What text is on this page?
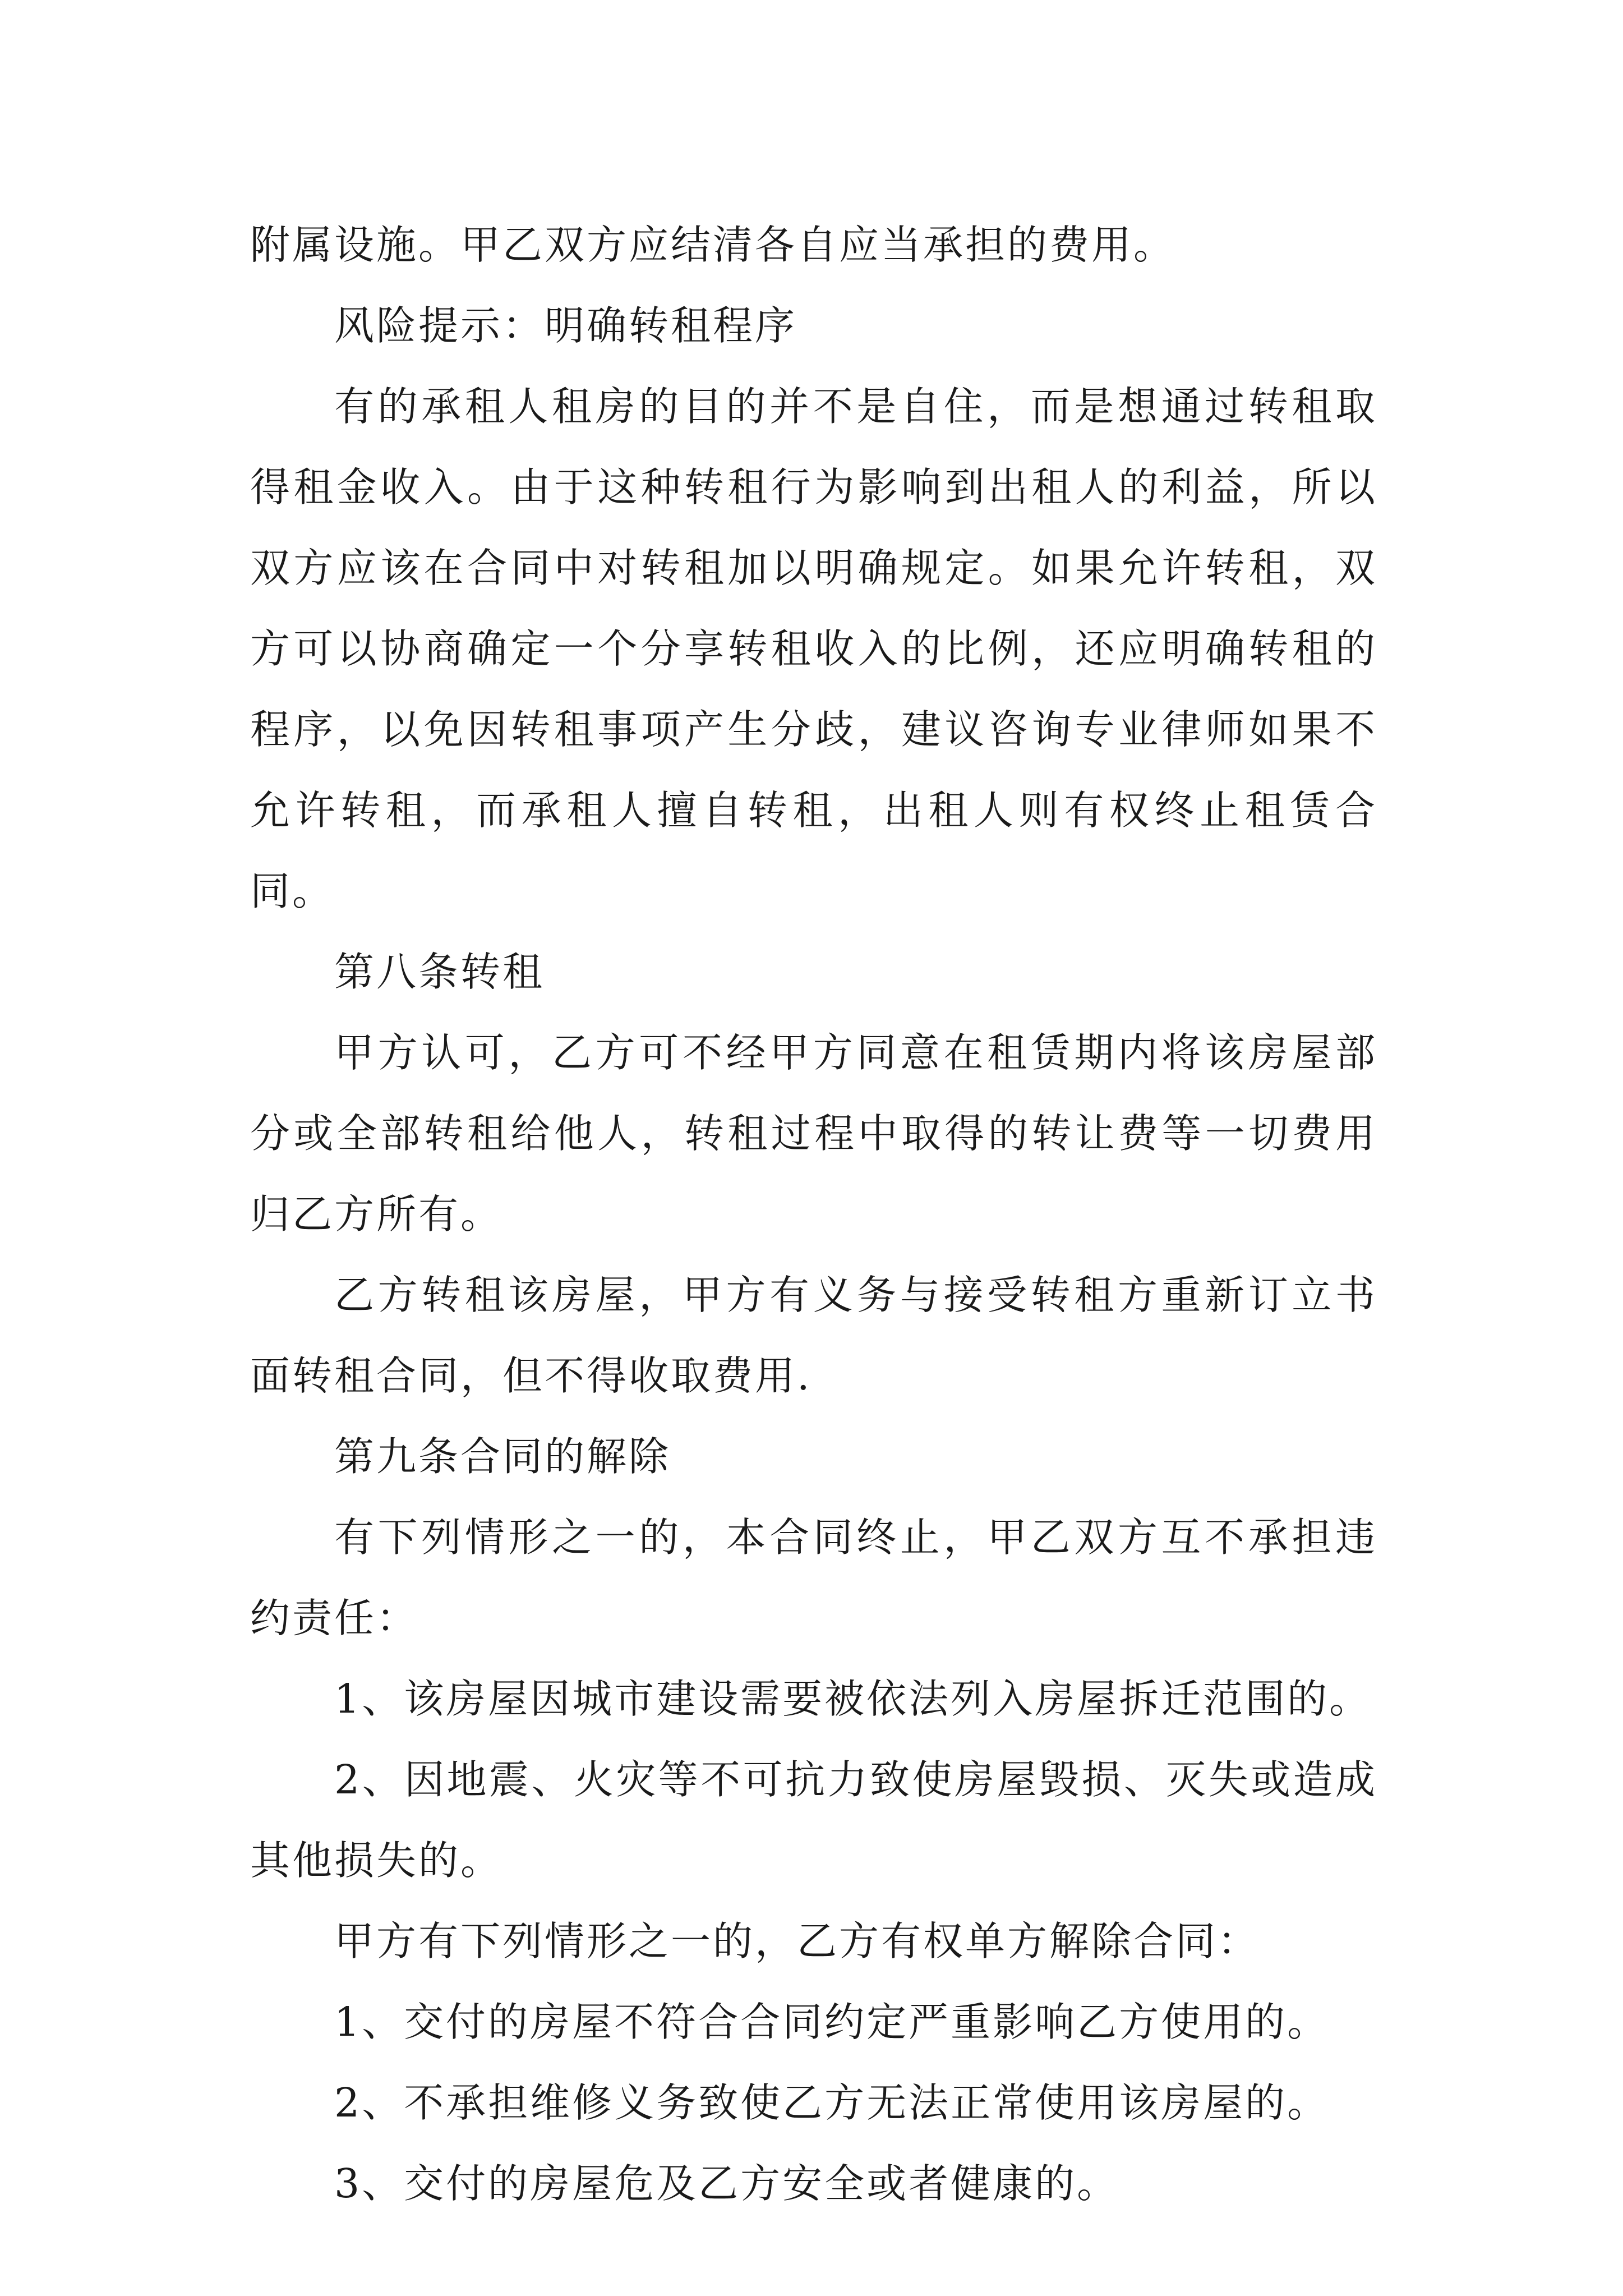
附属设施。甲乙双方应结清各自应当承担的费用。

风险提示：明确转租程序

有的承租人租房的目的并不是自住，而是想通过转租取得租金收入。由于这种转租行为影响到出租人的利益，所以双方应该在合同中对转租加以明确规定。如果允许转租，双方可以协商确定一个分享转租收入的比例，还应明确转租的程序，以免因转租事项产生分歧，建议咨询专业律师如果不允许转租，而承租人擅自转租，出租人则有权终止租赁合同。

第八条转租

甲方认可，乙方可不经甲方同意在租赁期内将该房屋部分或全部转租给他人，转租过程中取得的转让费等一切费用归乙方所有。

乙方转租该房屋，甲方有义务与接受转租方重新订立书面转租合同，但不得收取费用.

第九条合同的解除

有下列情形之一的，本合同终止，甲乙双方互不承担违约责任：

1、该房屋因城市建设需要被依法列入房屋拆迁范围的。

2、因地震、火灾等不可抗力致使房屋毁损、灭失或造成其他损失的。

甲方有下列情形之一的，乙方有权单方解除合同：

1、交付的房屋不符合合同约定严重影响乙方使用的。

2、不承担维修义务致使乙方无法正常使用该房屋的。

3、交付的房屋危及乙方安全或者健康的。
